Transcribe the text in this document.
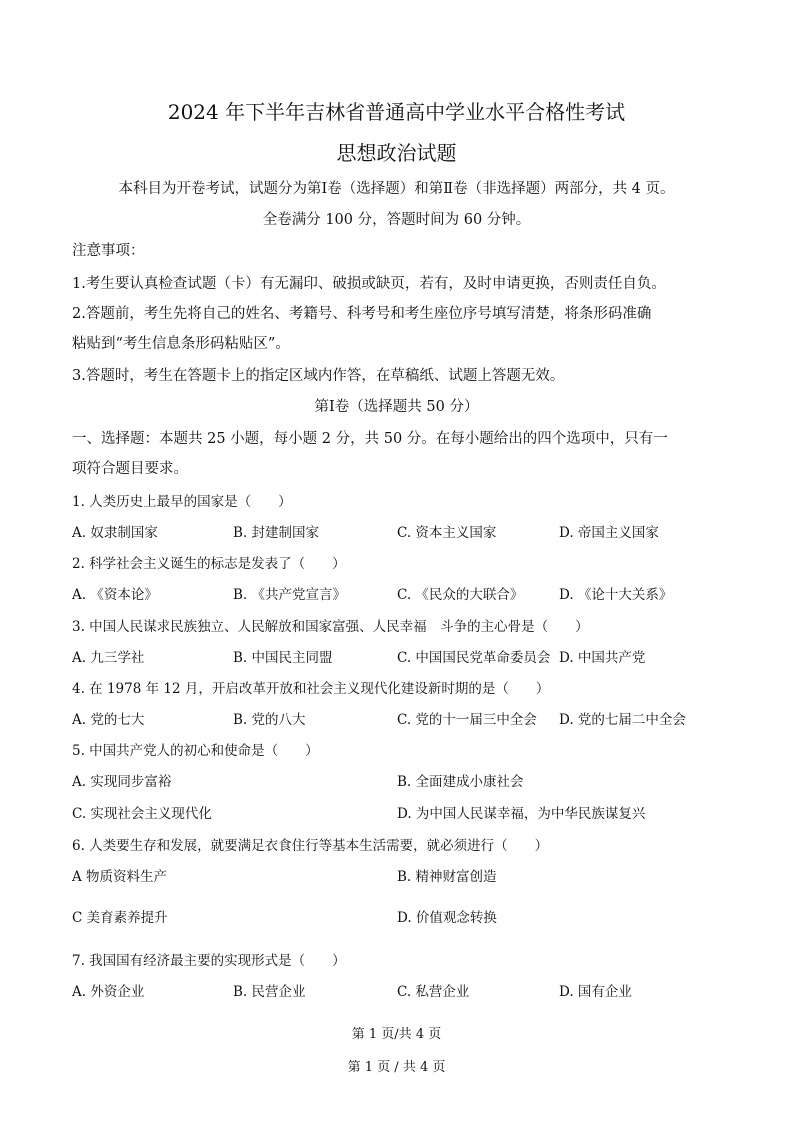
2024 年下半年吉林省普通高中学业水平合格性考试
思想政治试题
本科目为开卷考试，试题分为第Ⅰ卷（选择题）和第Ⅱ卷（非选择题）两部分，共 4 页。
全卷满分 100 分，答题时间为 60 分钟。
注意事项：
1.考生要认真检查试题（卡）有无漏印、破损或缺页，若有，及时申请更换，否则责任自负。
2.答题前，考生先将自己的姓名、考籍号、科考号和考生座位序号填写清楚，将条形码准确
粘贴到“考生信息条形码粘贴区”。
3.答题时，考生在答题卡上的指定区域内作答，在草稿纸、试题上答题无效。
第Ⅰ卷（选择题共 50 分）
一、选择题：本题共 25 小题，每小题 2 分，共 50 分。在每小题给出的四个选项中，只有一
项符合题目要求。
1. 人类历史上最早的国家是（　　）
A. 奴隶制国家	B. 封建制国家	C. 资本主义国家	D. 帝国主义国家
2. 科学社会主义诞生的标志是发表了（　　）
A. 《资本论》	B. 《共产党宣言》	C. 《民众的大联合》	D. 《论十大关系》
3. 中国人民谋求民族独立、人民解放和国家富强、人民幸福　斗争的主心骨是（　　）
A. 九三学社	B. 中国民主同盟	C. 中国国民党革命委员会 D. 中国共产党
4. 在 1978 年 12 月，开启改革开放和社会主义现代化建设新时期的是（　　）
A. 党的七大	B. 党的八大	C. 党的十一届三中全会 D. 党的七届二中全会
5. 中国共产党人的初心和使命是（　　）
A. 实现同步富裕	B. 全面建成小康社会
C. 实现社会主义现代化	D. 为中国人民谋幸福，为中华民族谋复兴
6. 人类要生存和发展，就要满足衣食住行等基本生活需要，就必须进行（　　）
A 物质资料生产	B. 精神财富创造
C 美育素养提升	D. 价值观念转换
7. 我国国有经济最主要的实现形式是（　　）
A. 外资企业	B. 民营企业	C. 私营企业	D. 国有企业
第 1 页/共 4 页
第 1 页 / 共 4 页
